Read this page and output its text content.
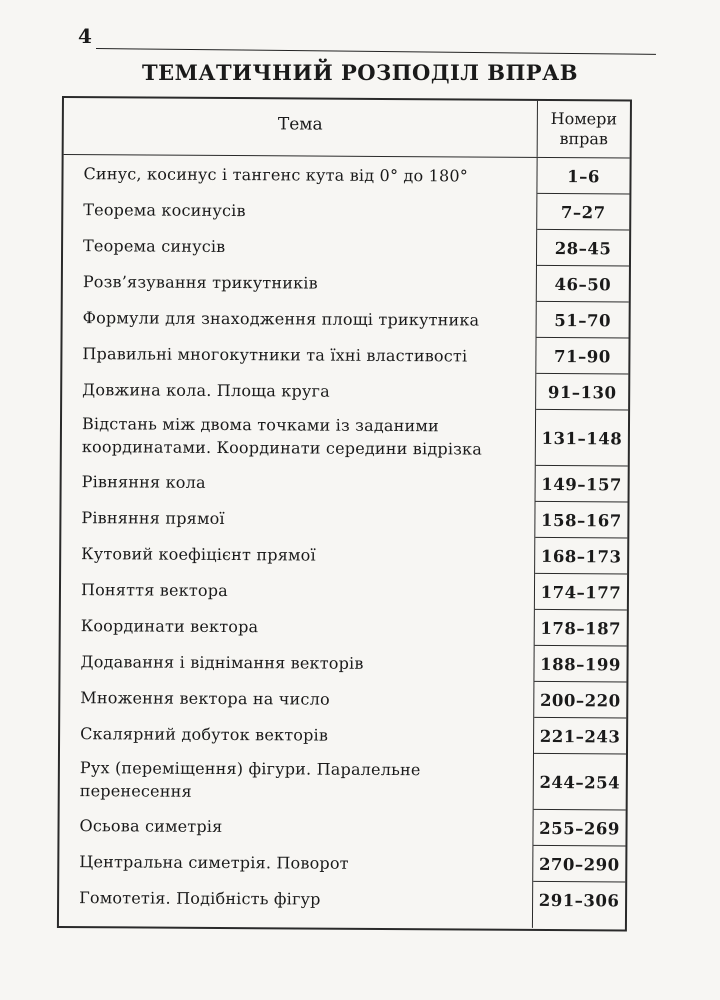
4
ТЕМАТИЧНИЙ РОЗПОДІЛ ВПРАВ
Тема	Номери
вправ
Синус, косинус і тангенс кута від 0° до 180°	1–6
Теорема косинусів	7–27
Теорема синусів	28–45
Розв’язування трикутників	46–50
Формули для знаходження площі трикутника	51–70
Правильні многокутники та їхні властивості	71–90
Довжина кола. Площа круга	91–130
Відстань між двома точками із заданими координатами. Координати середини відрізка	131–148
Рівняння кола	149–157
Рівняння прямої	158–167
Кутовий коефіцієнт прямої	168–173
Поняття вектора	174–177
Координати вектора	178–187
Додавання і віднімання векторів	188–199
Множення вектора на число	200–220
Скалярний добуток векторів	221–243
Рух (переміщення) фігури. Паралельне перенесення	244–254
Осьова симетрія	255–269
Центральна симетрія. Поворот	270–290
Гомотетія. Подібність фігур	291–306
